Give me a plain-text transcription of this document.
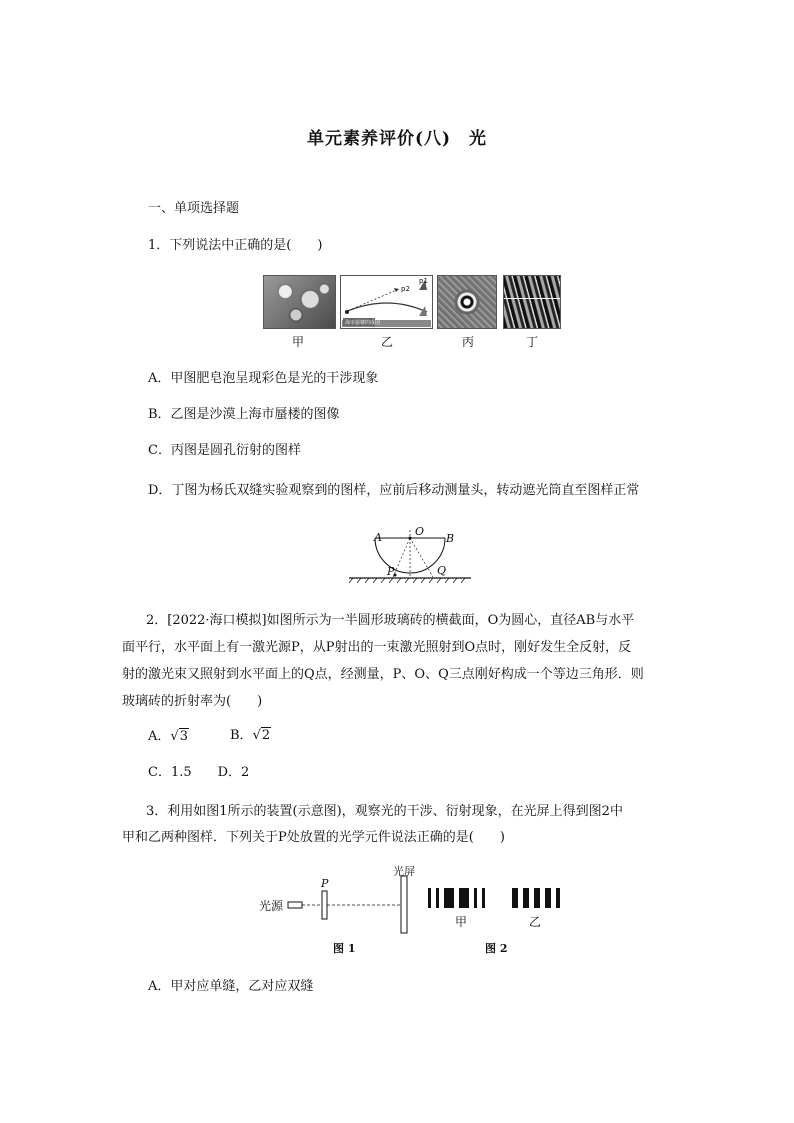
单元素养评价(八)　光
一、单项选择题
1．下列说法中正确的是(　　)
p2
p1
海市蜃楼的成因
甲	乙	丙	丁
A．甲图肥皂泡呈现彩色是光的干涉现象
B．乙图是沙漠上海市蜃楼的图像
C．丙图是圆孔衍射的图样
D．丁图为杨氏双缝实验观察到的图样，应前后移动测量头，转动遮光筒直至图样正常
A	O
B
P	Q
2．[2022·海口模拟]如图所示为一半圆形玻璃砖的横截面，O为圆心，直径AB与水平
面平行，水平面上有一激光源P，从P射出的一束激光照射到O点时，刚好发生全反射，反
射的激光束又照射到水平面上的Q点，经测量，P、O、Q三点刚好构成一个等边三角形．则
玻璃砖的折射率为(　　)
A．√3	B．√2
C．1.5　　D．2
3．利用如图1所示的装置(示意图)，观察光的干涉、衍射现象，在光屏上得到图2中
甲和乙两种图样．下列关于P处放置的光学元件说法正确的是(　　)
光源
P
光屏
图 1
甲	乙
图 2
A．甲对应单缝，乙对应双缝
